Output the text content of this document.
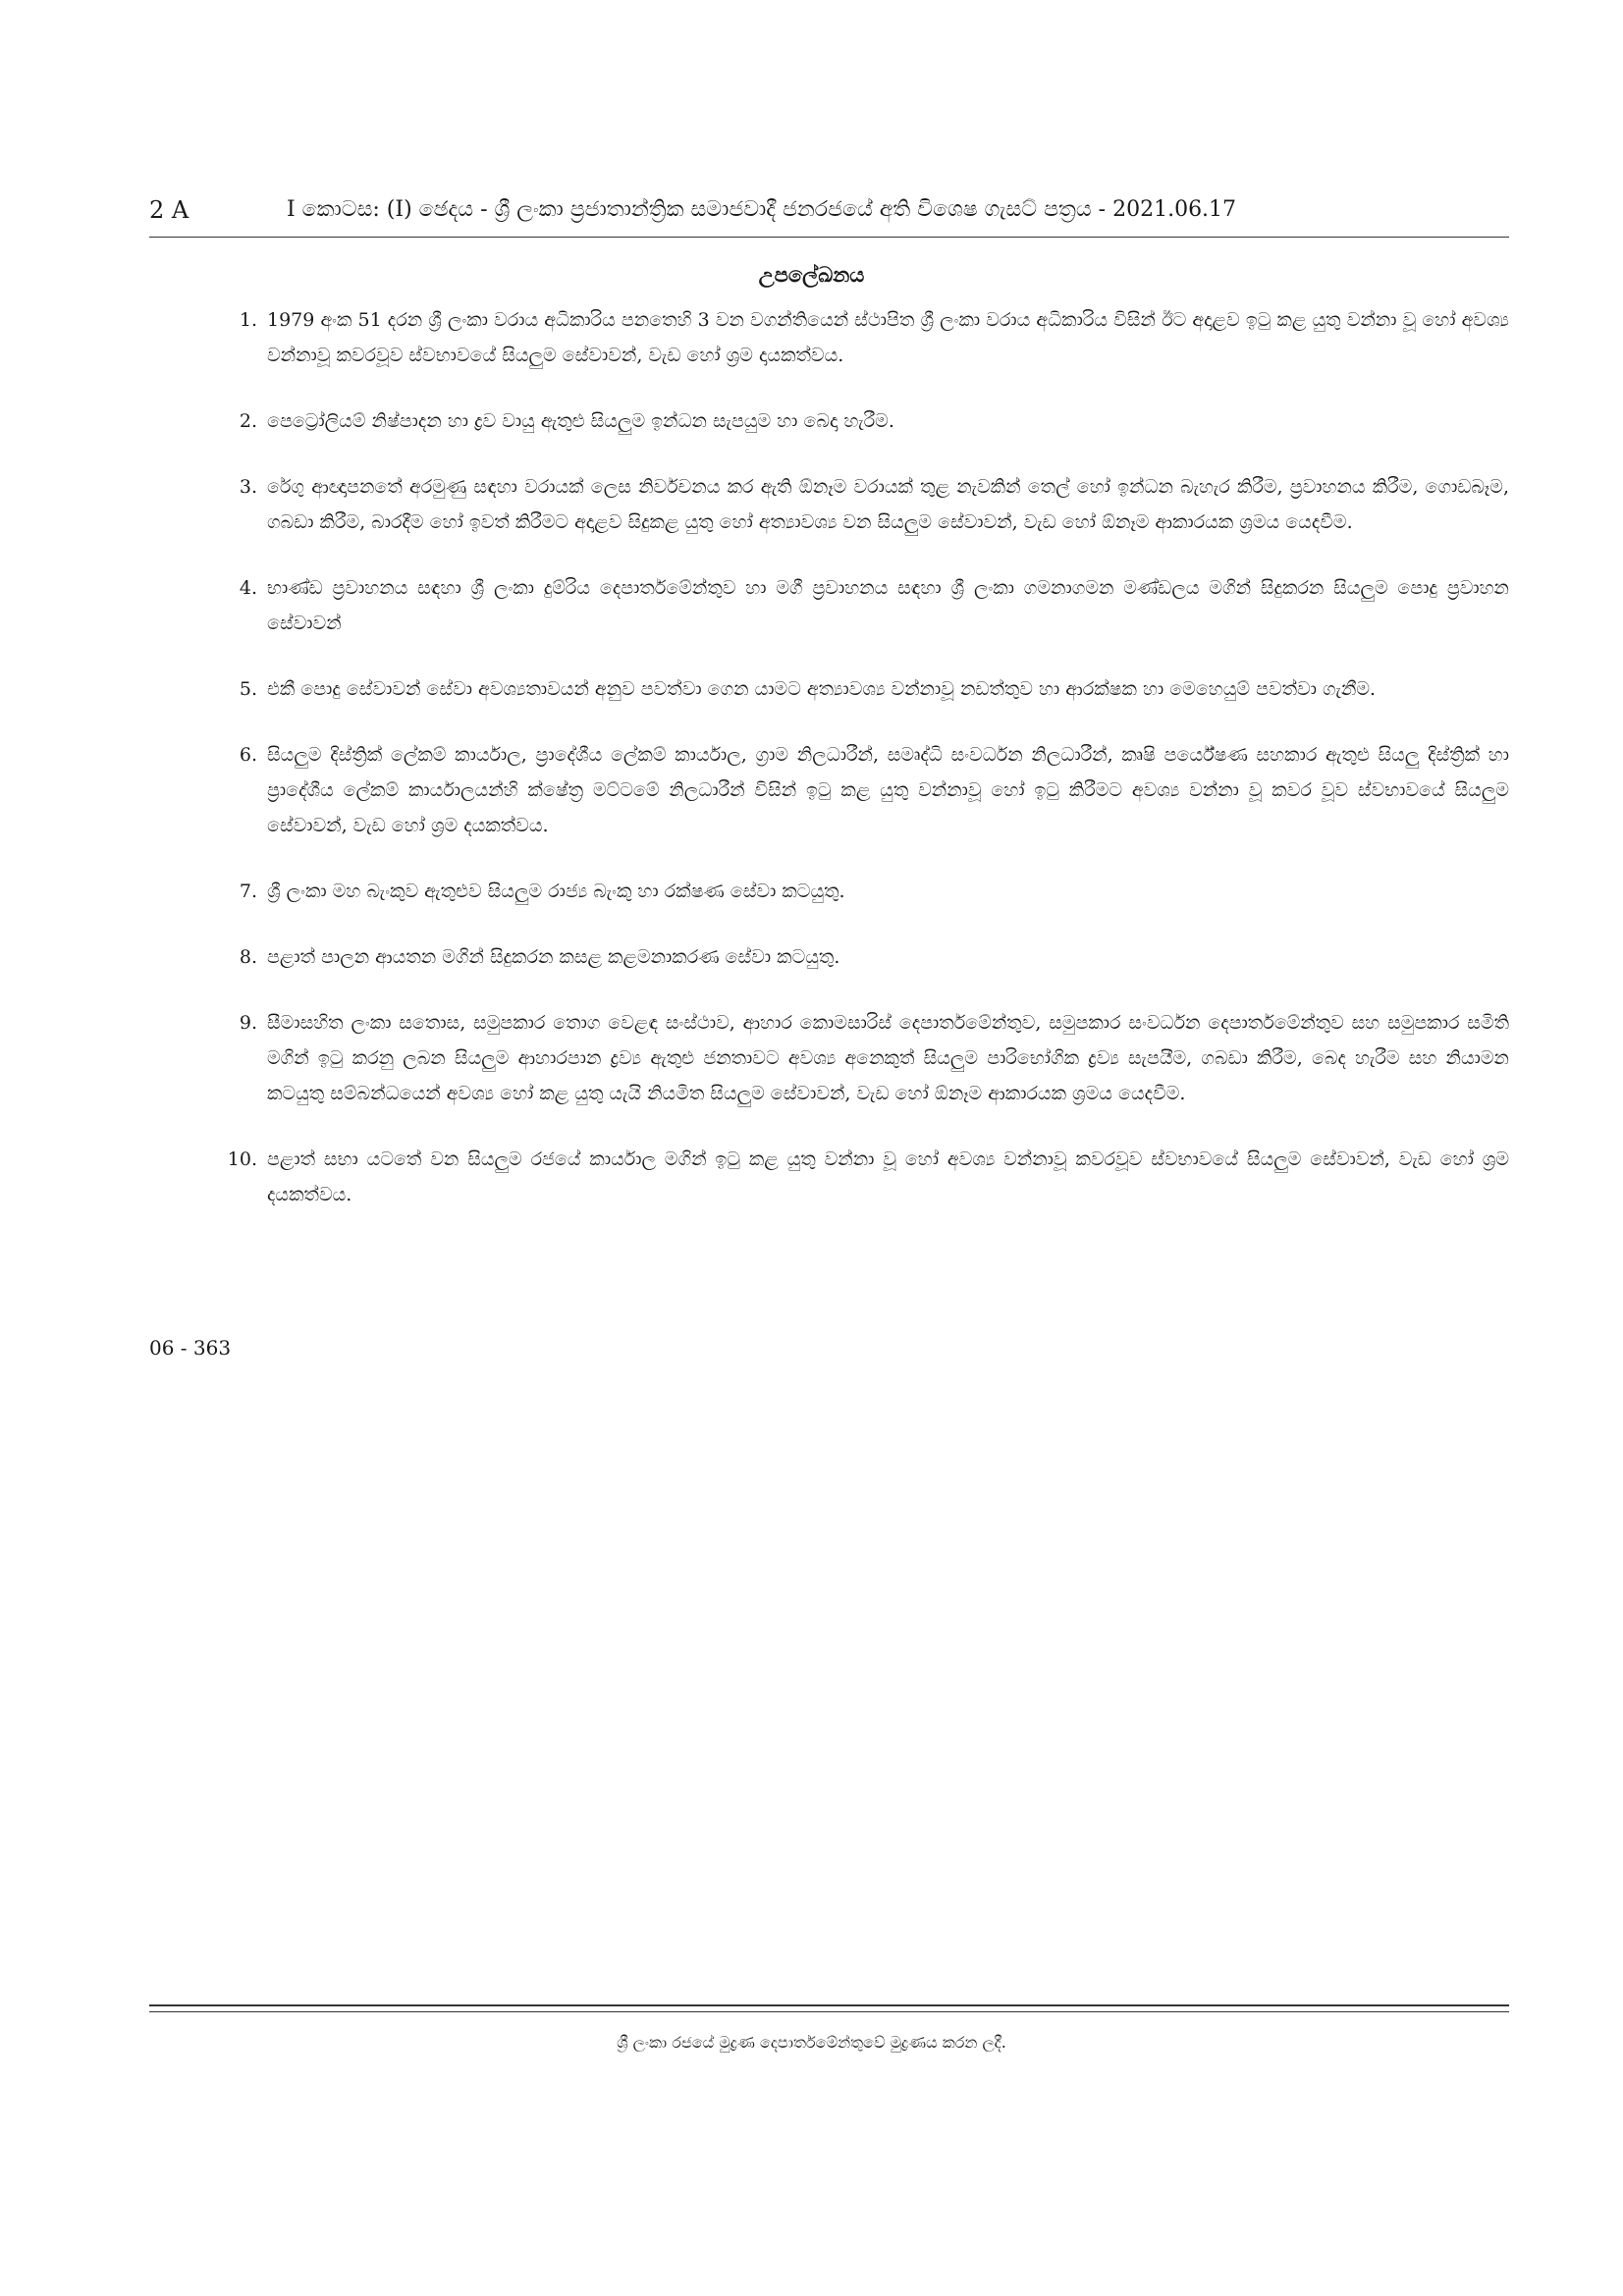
2 A	I කොටස: (I) ඡෙදය - ශ්‍රී ලංකා ප්‍රජාතාන්ත්‍රික සමාජවාදී ජනරජයේ අති විශෙෂ ගැසට් පත්‍රය - 2021.06.17
උපලේඛනය
1. 1979 අංක 51 දරන ශ්‍රී ලංකා වරාය අධිකාරිය පනතෙහි 3 වන වගන්තියෙන් ස්ථාපිත ශ්‍රී ලංකා වරාය අධිකාරිය විසින් ඊට අදාළව ඉටු කළ යුතු වන්නා වූ හෝ අවශ්‍ය වන්නාවූ කවරවූව ස්වභාවයේ සියලුම සේවාවන්, වැඩ හෝ ශ්‍රම දායකත්වය.
2. පෙට්‍රෝලියම් නිෂ්පාදන හා ද්‍රව වායු ඇතුළු සියලුම ඉන්ධන සැපයුම හා බෙදා හැරීම.
3. රේගු ආඥාපනතේ අරමුණු සඳහා වරායක් ලෙස නිර්වචනය කර ඇති ඕනෑම වරායක් තුළ නැවකින් තෙල් හෝ ඉන්ධන බැහැර කිරීම, ප්‍රවාහනය කිරීම, ගොඩබෑම, ගබඩා කිරීම, බාරදීම හෝ ඉවත් කිරීමට අදාළව සිදුකළ යුතු හෝ අත්‍යාවශ්‍ය වන සියලුම සේවාවන්, වැඩ හෝ ඕනෑම ආකාරයක ශ්‍රමය යෙදවීම.
4. භාණ්ඩ ප්‍රවාහනය සඳහා ශ්‍රී ලංකා දුම්රිය දෙපාර්තමේන්තුව හා මගී ප්‍රවාහනය සඳහා ශ්‍රී ලංකා ගමනාගමන මණ්ඩලය මගින් සිදුකරන සියලුම පොදු ප්‍රවාහන සේවාවන්
5. එකී පොදු සේවාවන් සේවා අවශ්‍යතාවයන් අනුව පවත්වා ගෙන යාමට අත්‍යාවශ්‍ය වන්නාවූ නඩත්තුව හා ආරක්ෂක හා මෙහෙයුම් පවත්වා ගැනීම.
6. සියලුම දිස්ත්‍රික් ලේකම් කාර්යාල, ප්‍රාදේශීය ලේකම් කාර්යාල, ග්‍රාම නිලධාරීන්, සමෘද්ධි සංවර්ධන නිලධාරීන්, කෘෂි පර්යේෂණ සහකාර ඇතුළු සියලු දිස්ත්‍රික් හා ප්‍රාදේශීය ලේකම් කාර්යාලයන්හි ක්ෂේත්‍ර මට්ටමේ නිලධාරීන් විසින් ඉටු කළ යුතු වන්නාවූ හෝ ඉටු කිරීමට අවශ්‍ය වන්නා වූ කවර වූව ස්වභාවයේ සියලුම සේවාවන්, වැඩ හෝ ශ්‍රම දයකත්වය.
7. ශ්‍රී ලංකා මහ බැංකුව ඇතුළුව සියලුම රාජ්‍ය බැංකු හා රක්ෂණ සේවා කටයුතු.
8. පළාත් පාලන ආයතන මගින් සිදුකරන කසළ කළමනාකරණ සේවා කටයුතු.
9. සීමාසහිත ලංකා සතොස, සමුපකාර තොග වෙළඳ සංස්ථාව, ආහාර කොමසාරිස් දෙපාර්තමේන්තුව, සමුපකාර සංවර්ධන දෙපාර්තමේන්තුව සහ සමුපකාර සමිති මගින් ඉටු කරනු ලබන සියලුම ආහාරපාන ද්‍රව්‍ය ඇතුළු ජනතාවට අවශ්‍ය අනෙකුත් සියලුම පාරිභෝගික ද්‍රව්‍ය සැපයීම, ගබඩා කිරීම, බෙද හැරීම සහ නියාමන කටයුතු සම්බන්ධයෙන් අවශ්‍ය හෝ කළ යුතු යැයි නියමිත සියලුම සේවාවන්, වැඩ හෝ ඕනෑම ආකාරයක ශ්‍රමය යෙදවීම.
10. පළාත් සභා යටතේ වන සියලුම රජයේ කාර්යාල මගින් ඉටු කළ යුතු වන්නා වූ හෝ අවශ්‍ය වන්නාවූ කවරවූව ස්වභාවයේ සියලුම සේවාවන්, වැඩ හෝ ශ්‍රම දයකත්වය.
06 - 363
ශ්‍රී ලංකා රජයේ මුද්‍රණ දෙපාර්තමේන්තුවේ මුද්‍රණය කරන ලදී.
